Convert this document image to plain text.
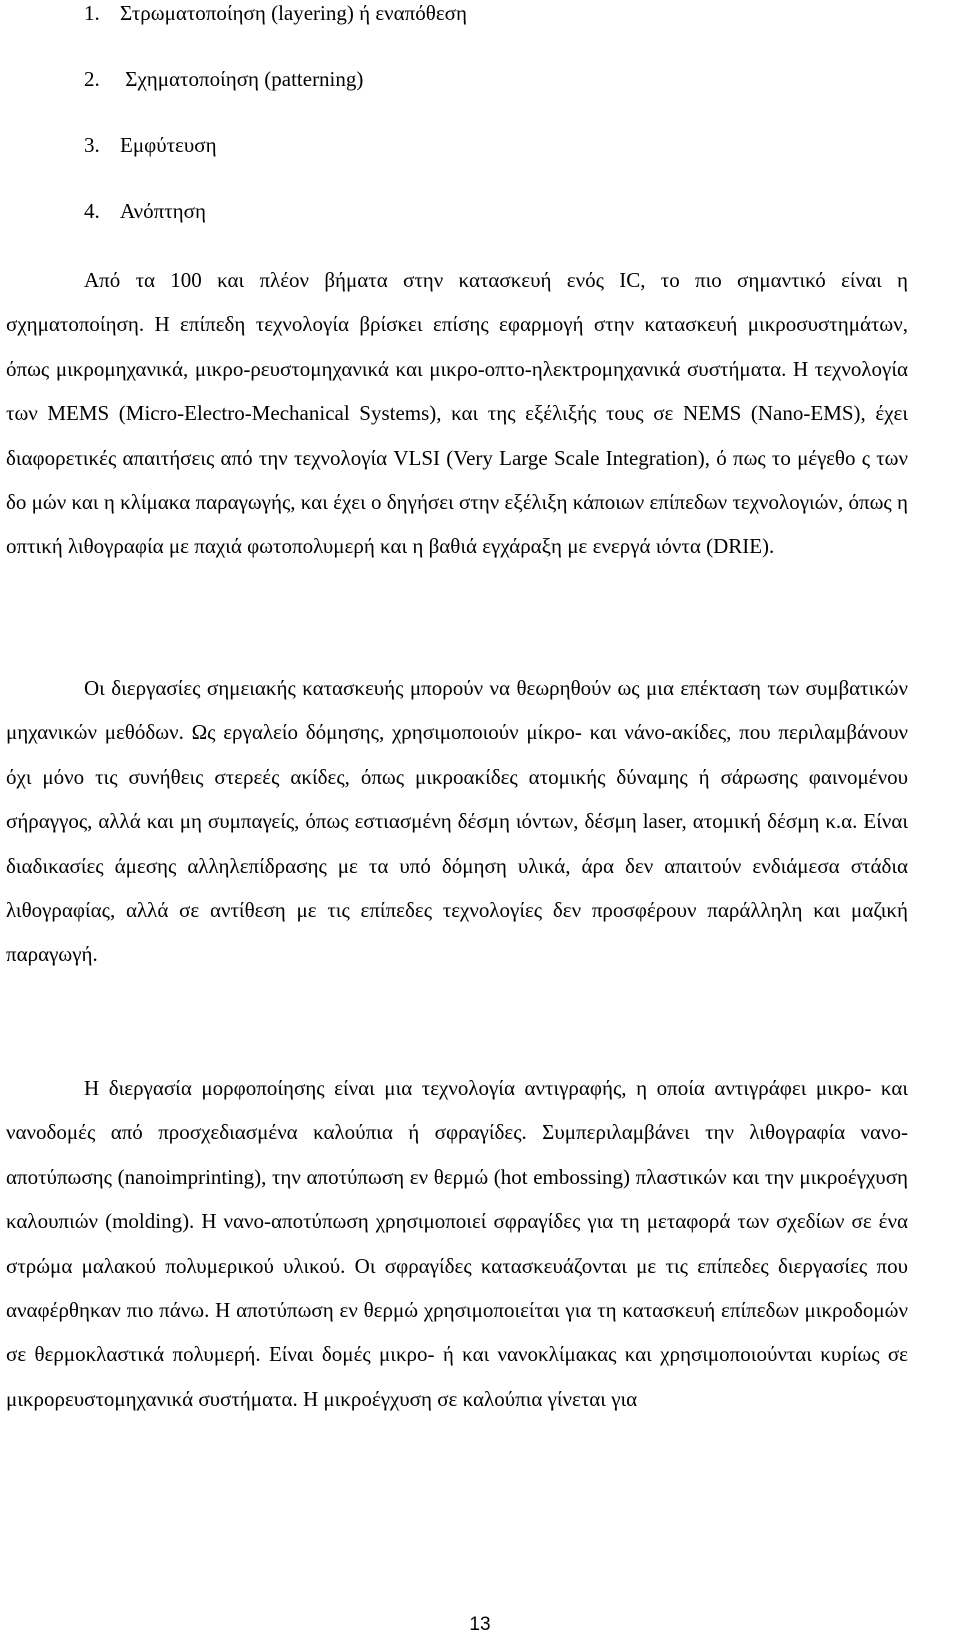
1. Στρωματοποίηση (layering) ή εναπόθεση
2. Σχηματοποίηση (patterning)
3. Εμφύτευση
4. Ανόπτηση

Από τα 100 και πλέον βήματα στην κατασκευή ενός IC, το πιο σημαντικό είναι η σχηματοποίηση. Η επίπεδη τεχνολογία βρίσκει επίσης εφαρμογή στην κατασκευή μικροσυστημάτων, όπως μικρομηχανικά, μικρο-ρευστομηχανικά και μικρο-οπτο-ηλεκτρομηχανικά συστήματα. Η τεχνολογία των MEMS (Micro-Electro-Mechanical Systems), και της εξέλιξής τους σε NEMS (Nano-EMS), έχει διαφορετικές απαιτήσεις από την τεχνολογία VLSI (Very Large Scale Integration), ό πως το μέγεθο ς των δο μών και η κλίμακα παραγωγής, και έχει ο δηγήσει στην εξέλιξη κάποιων επίπεδων τεχνολογιών, όπως η οπτική λιθογραφία με παχιά φωτοπολυμερή και η βαθιά εγχάραξη με ενεργά ιόντα (DRIE).

Οι διεργασίες σημειακής κατασκευής μπορούν να θεωρηθούν ως μια επέκταση των συμβατικών μηχανικών μεθόδων. Ως εργαλείο δόμησης, χρησιμοποιούν μίκρο- και νάνο-ακίδες, που περιλαμβάνουν όχι μόνο τις συνήθεις στερεές ακίδες, όπως μικροακίδες ατομικής δύναμης ή σάρωσης φαινομένου σήραγγος, αλλά και μη συμπαγείς, όπως εστιασμένη δέσμη ιόντων, δέσμη laser, ατομική δέσμη κ.α. Είναι διαδικασίες άμεσης αλληλεπίδρασης με τα υπό δόμηση υλικά, άρα δεν απαιτούν ενδιάμεσα στάδια λιθογραφίας, αλλά σε αντίθεση με τις επίπεδες τεχνολογίες δεν προσφέρουν παράλληλη και μαζική παραγωγή.

Η διεργασία μορφοποίησης είναι μια τεχνολογία αντιγραφής, η οποία αντιγράφει μικρο- και νανοδομές από προσχεδιασμένα καλούπια ή σφραγίδες. Συμπεριλαμβάνει την λιθογραφία νανο-αποτύπωσης (nanoimprinting), την αποτύπωση εν θερμώ (hot embossing) πλαστικών και την μικροέγχυση καλουπιών (molding). Η νανο-αποτύπωση χρησιμοποιεί σφραγίδες για τη μεταφορά των σχεδίων σε ένα στρώμα μαλακού πολυμερικού υλικού. Οι σφραγίδες κατασκευάζονται με τις επίπεδες διεργασίες που αναφέρθηκαν πιο πάνω. Η αποτύπωση εν θερμώ χρησιμοποιείται για τη κατασκευή επίπεδων μικροδομών σε θερμοκλαστικά πολυμερή. Είναι δομές μικρο- ή και νανοκλίμακας και χρησιμοποιούνται κυρίως σε μικρορευστομηχανικά συστήματα. Η μικροέγχυση σε καλούπια γίνεται για

13
